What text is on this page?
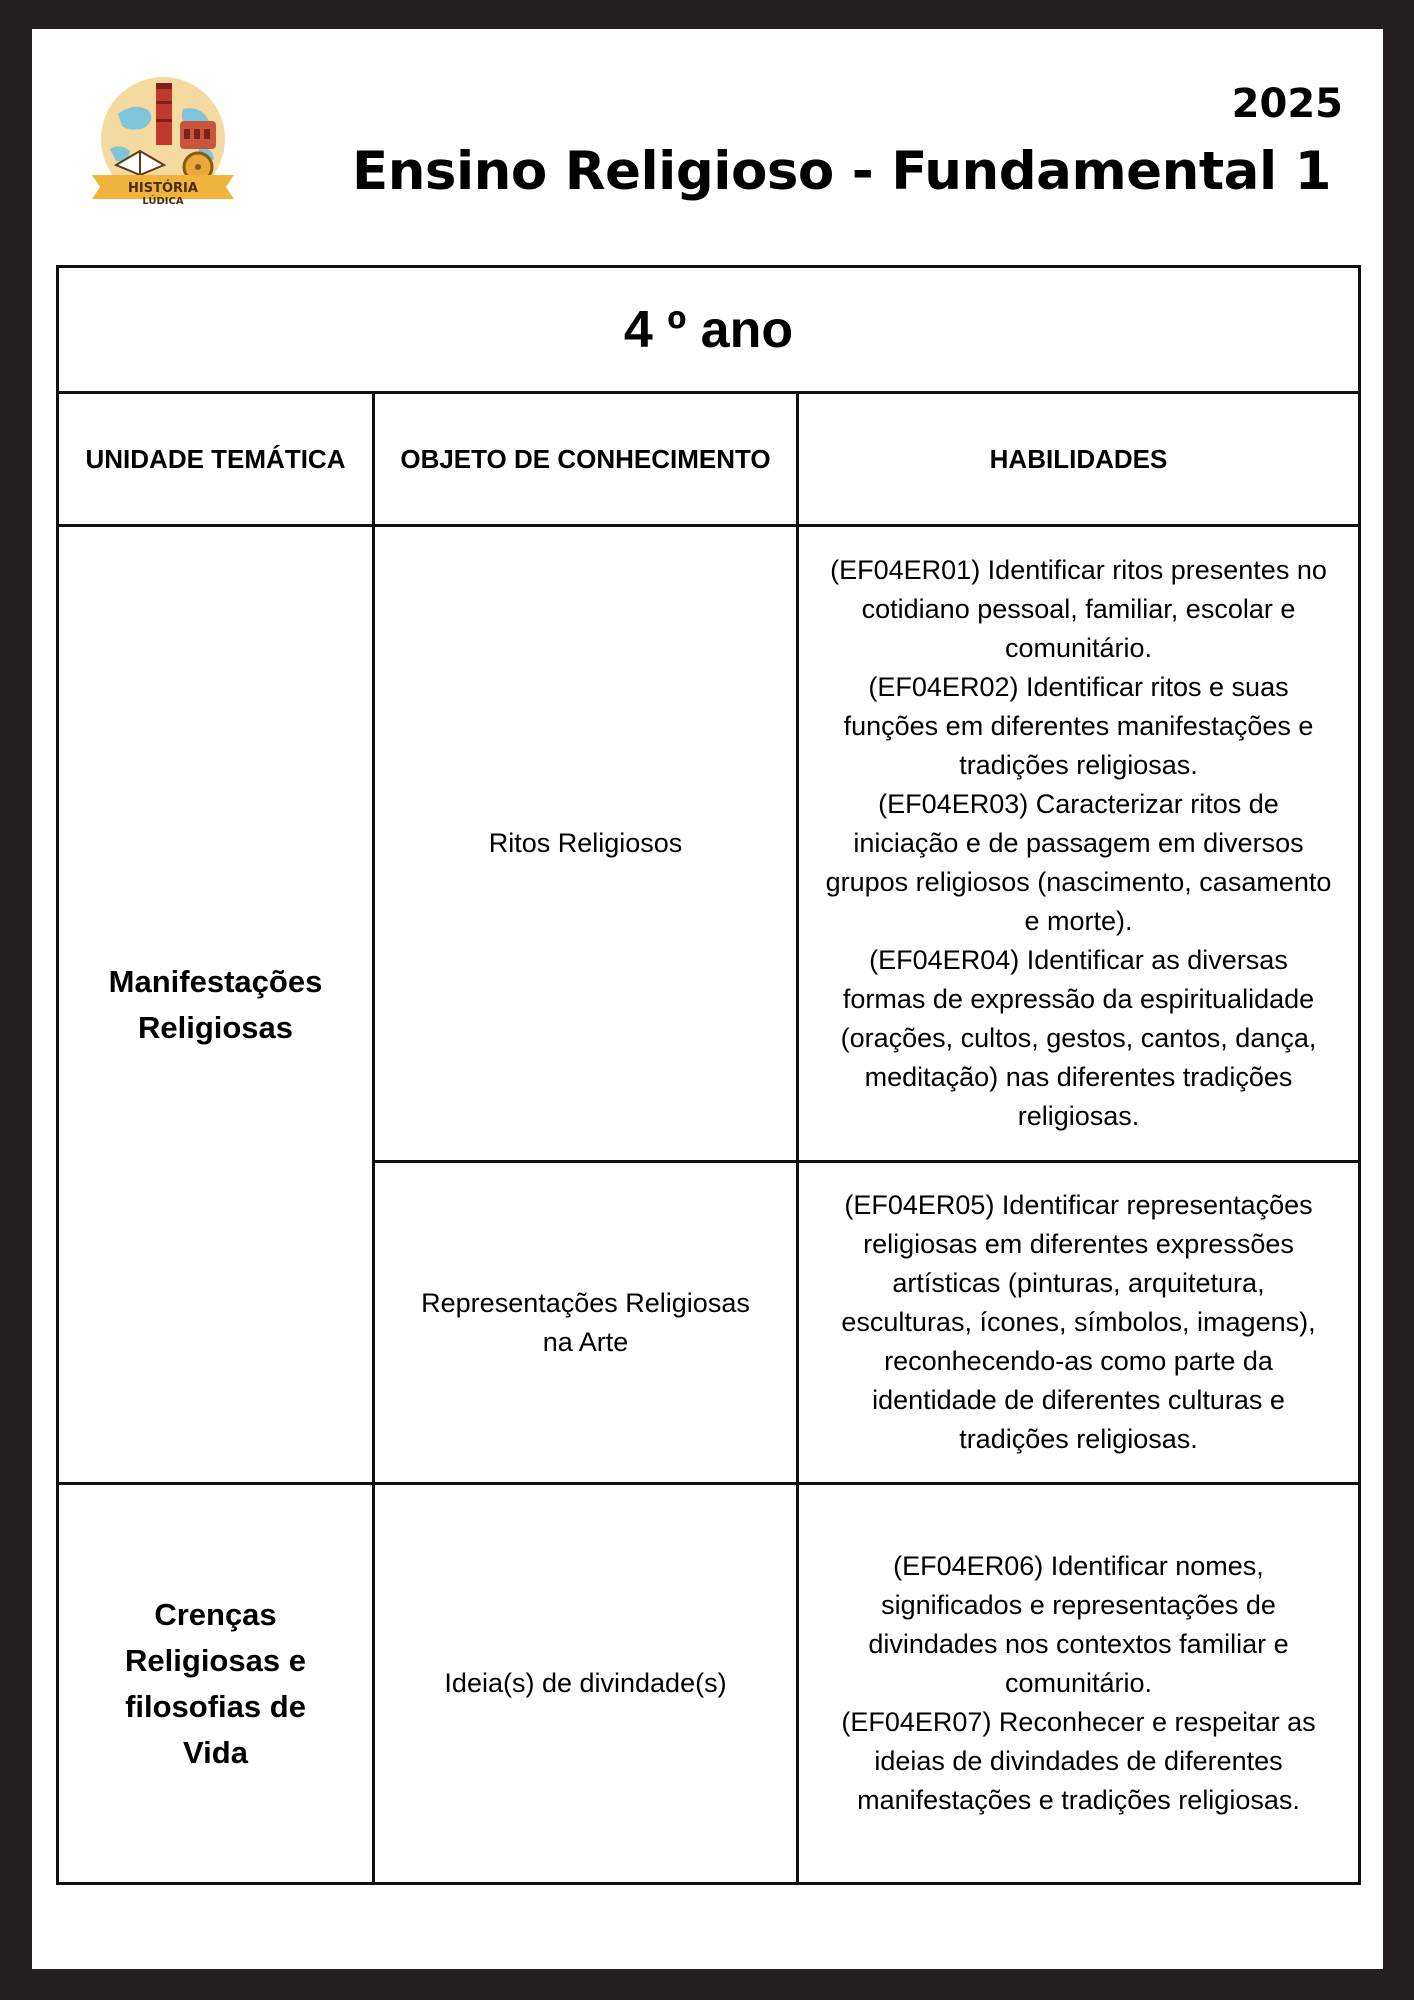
HISTÓRIA
LÚDICA
2025
Ensino Religioso - Fundamental 1
4 º ano		
UNIDADE TEMÁTICA	OBJETO DE CONHECIMENTO	HABILIDADES

Manifestações Religiosas	Ritos Religiosos	(EF04ER01) Identificar ritos presentes no cotidiano pessoal, familiar, escolar e comunitário.
(EF04ER02) Identificar ritos e suas funções em diferentes manifestações e tradições religiosas.
(EF04ER03) Caracterizar ritos de iniciação e de passagem em diversos grupos religiosos (nascimento, casamento e morte).
(EF04ER04) Identificar as diversas formas de expressão da espiritualidade (orações, cultos, gestos, cantos, dança, meditação) nas diferentes tradições religiosas.

	Representações Religiosas na Arte	(EF04ER05) Identificar representações religiosas em diferentes expressões artísticas (pinturas, arquitetura, esculturas, ícones, símbolos, imagens), reconhecendo-as como parte da identidade de diferentes culturas e tradições religiosas.

Crenças Religiosas e filosofias de Vida	Ideia(s) de divindade(s)	(EF04ER06) Identificar nomes, significados e representações de divindades nos contextos familiar e comunitário.
(EF04ER07) Reconhecer e respeitar as ideias de divindades de diferentes manifestações e tradições religiosas.
